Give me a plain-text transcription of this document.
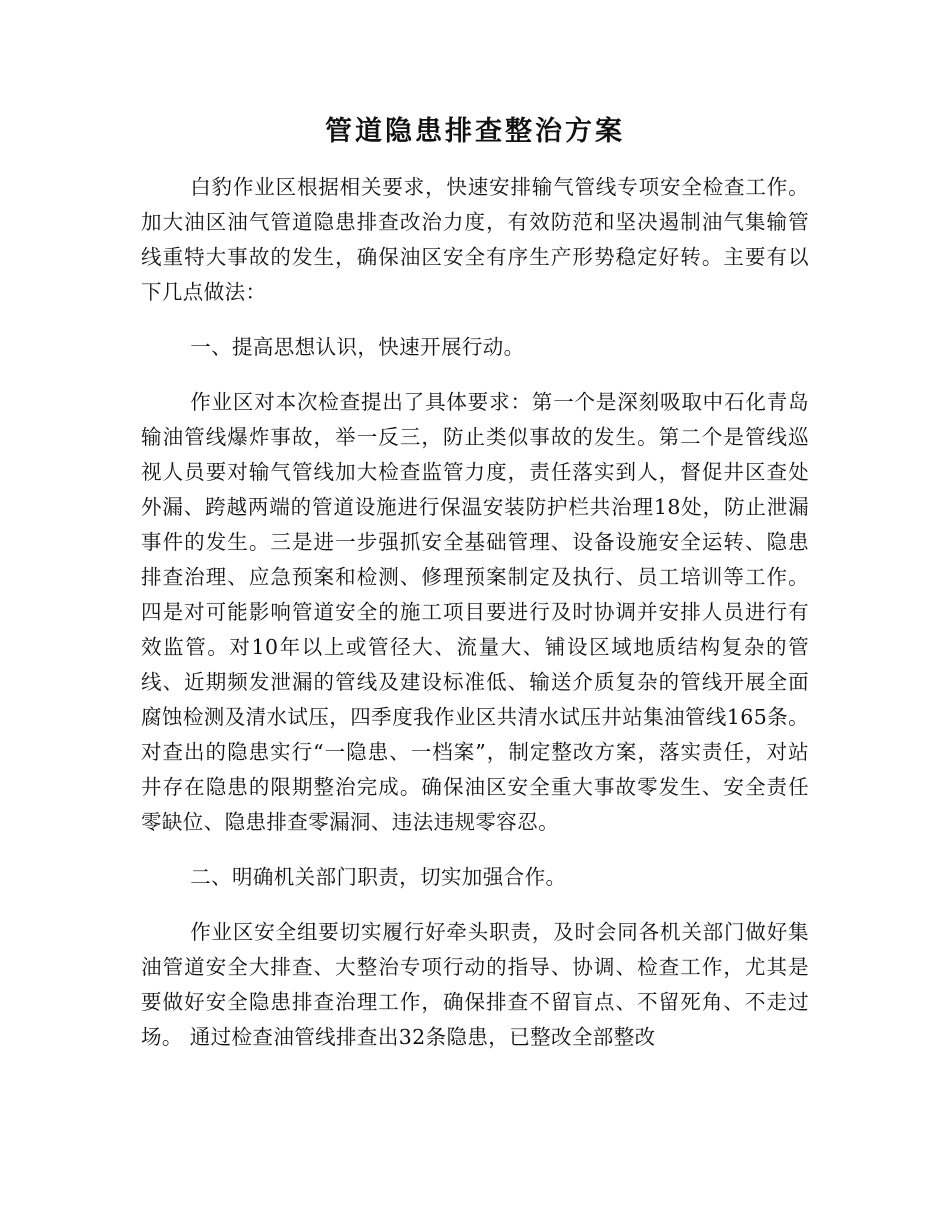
管道隐患排查整治方案

白豹作业区根据相关要求，快速安排输气管线专项安全检查工作。加大油区油气管道隐患排查改治力度，有效防范和坚决遏制油气集输管线重特大事故的发生，确保油区安全有序生产形势稳定好转。主要有以下几点做法：

一、提高思想认识，快速开展行动。

作业区对本次检查提出了具体要求：第一个是深刻吸取中石化青岛输油管线爆炸事故，举一反三，防止类似事故的发生。第二个是管线巡视人员要对输气管线加大检查监管力度，责任落实到人，督促井区查处外漏、跨越两端的管道设施进行保温安装防护栏共治理18处，防止泄漏事件的发生。三是进一步强抓安全基础管理、设备设施安全运转、隐患排查治理、应急预案和检测、修理预案制定及执行、员工培训等工作。四是对可能影响管道安全的施工项目要进行及时协调并安排人员进行有效监管。对10年以上或管径大、流量大、铺设区域地质结构复杂的管线、近期频发泄漏的管线及建设标准低、输送介质复杂的管线开展全面腐蚀检测及清水试压，四季度我作业区共清水试压井站集油管线165条。对查出的隐患实行“一隐患、一档案”，制定整改方案，落实责任，对站井存在隐患的限期整治完成。确保油区安全重大事故零发生、安全责任零缺位、隐患排查零漏洞、违法违规零容忍。

二、明确机关部门职责，切实加强合作。

作业区安全组要切实履行好牵头职责，及时会同各机关部门做好集油管道安全大排查、大整治专项行动的指导、协调、检查工作，尤其是要做好安全隐患排查治理工作，确保排查不留盲点、不留死角、不走过场。 通过检查油管线排查出32条隐患，已整改全部整改
